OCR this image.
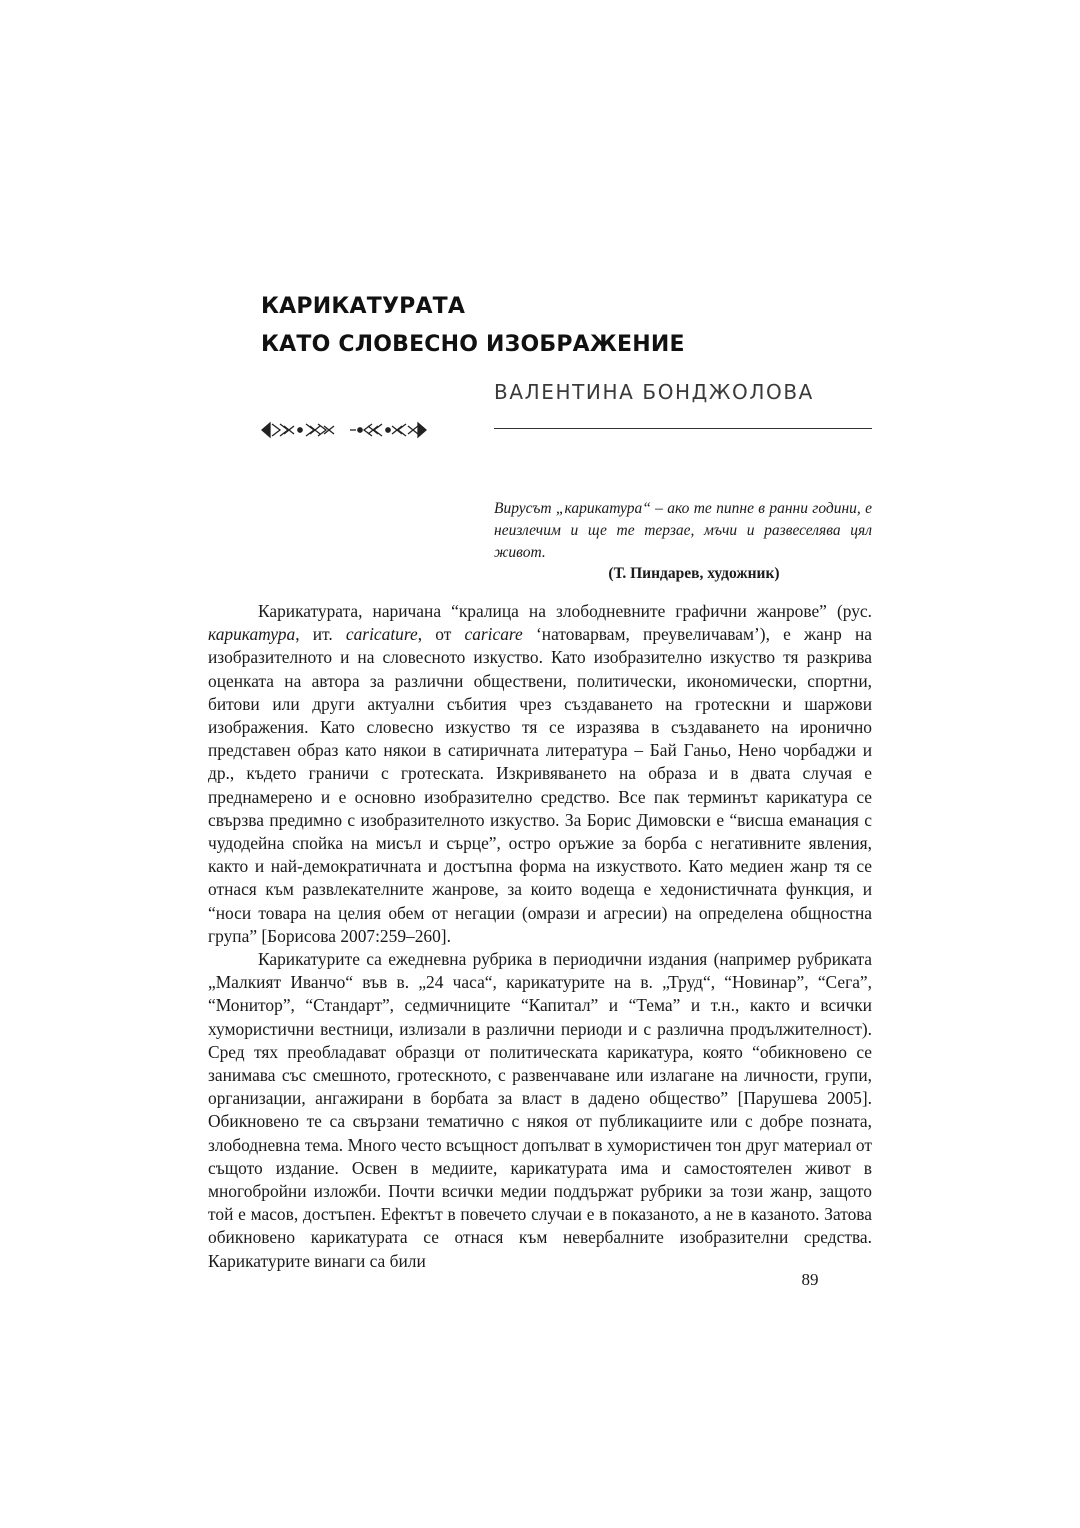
КАРИКАТУРАТА
КАТО СЛОВЕСНО ИЗОБРАЖЕНИЕ

ВАЛЕНТИНА БОНДЖОЛОВА

Вирусът „карикатура“ – ако те пипне в ранни години, е неизлечим и ще те терзае, мъчи и развеселява цял живот.

(Т. Пиндарев, художник)

Карикатурата, наричана “кралица на злободневните графични жанрове” (рус. карикатура, ит. caricature, от caricare ‘натоварвам, преувеличавам’), е жанр на изобразителното и на словесното изкуство. Като изобразително изкуство тя разкрива оценката на автора за различни обществени, политически, икономически, спортни, битови или други актуални събития чрез създаването на гротескни и шаржови изображения. Като словесно изкуство тя се изразява в създаването на иронично представен образ като някои в сатиричната литература – Бай Ганьо, Нено чорбаджи и др., където граничи с гротеската. Изкривяването на образа и в двата случая е преднамерено и е основно изобразително средство. Все пак терминът карикатура се свързва предимно с изобразителното изкуство. За Борис Димовски е “висша еманация с чудодейна спойка на мисъл и сърце”, остро оръжие за борба с негативните явления, както и най-демократичната и достъпна форма на изкуството. Като медиен жанр тя се отнася към развлекателните жанрове, за които водеща е хедонистичната функция, и “носи товара на целия обем от негации (омрази и агресии) на определена общностна група” [Борисова 2007:259–260].

Карикатурите са ежедневна рубрика в периодични издания (например рубриката „Малкият Иванчо“ във в. „24 часа“, карикатурите на в. „Труд“, “Новинар”, “Сега”, “Монитор”, “Стандарт”, седмичниците “Капитал” и “Тема” и т.н., както и всички хумористични вестници, излизали в различни периоди и с различна продължителност). Сред тях преобладават образци от политическата карикатура, която “обикновено се занимава със смешното, гротескното, с развенчаване или излагане на личности, групи, организации, ангажирани в борбата за власт в дадено общество” [Парушева 2005]. Обикновено те са свързани тематично с някоя от публикациите или с добре позната, злободневна тема. Много често всъщност допълват в хумористичен тон друг материал от същото издание. Освен в медиите, карикатурата има и самостоятелен живот в многобройни изложби. Почти всички медии поддържат рубрики за този жанр, защото той е масов, достъпен. Ефектът в повечето случаи е в показаното, а не в казаното. Затова обикновено карикатурата се отнася към невербалните изобразителни средства. Карикатурите винаги са били

89
